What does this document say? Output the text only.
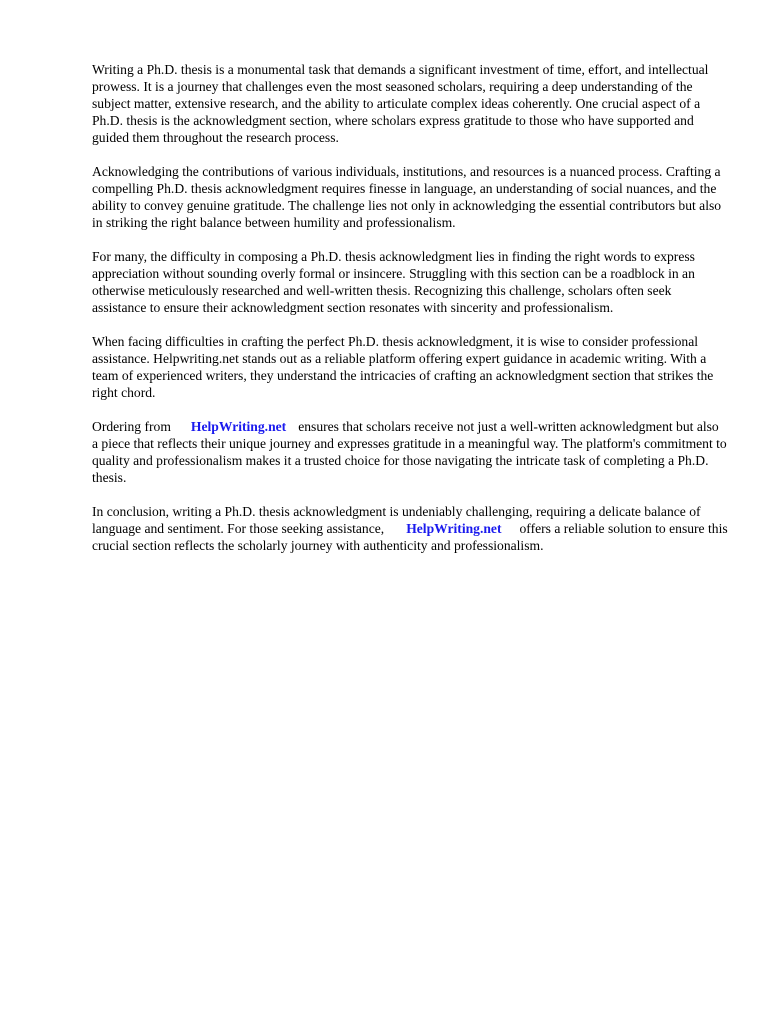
Writing a Ph.D. thesis is a monumental task that demands a significant investment of time, effort, and intellectual prowess. It is a journey that challenges even the most seasoned scholars, requiring a deep understanding of the subject matter, extensive research, and the ability to articulate complex ideas coherently. One crucial aspect of a Ph.D. thesis is the acknowledgment section, where scholars express gratitude to those who have supported and guided them throughout the research process.

Acknowledging the contributions of various individuals, institutions, and resources is a nuanced process. Crafting a compelling Ph.D. thesis acknowledgment requires finesse in language, an understanding of social nuances, and the ability to convey genuine gratitude. The challenge lies not only in acknowledging the essential contributors but also in striking the right balance between humility and professionalism.

For many, the difficulty in composing a Ph.D. thesis acknowledgment lies in finding the right words to express appreciation without sounding overly formal or insincere. Struggling with this section can be a roadblock in an otherwise meticulously researched and well-written thesis. Recognizing this challenge, scholars often seek assistance to ensure their acknowledgment section resonates with sincerity and professionalism.

When facing difficulties in crafting the perfect Ph.D. thesis acknowledgment, it is wise to consider professional assistance. Helpwriting.net stands out as a reliable platform offering expert guidance in academic writing. With a team of experienced writers, they understand the intricacies of crafting an acknowledgment section that strikes the right chord.

Ordering from HelpWriting.net ensures that scholars receive not just a well-written acknowledgment but also a piece that reflects their unique journey and expresses gratitude in a meaningful way. The platform's commitment to quality and professionalism makes it a trusted choice for those navigating the intricate task of completing a Ph.D. thesis.

In conclusion, writing a Ph.D. thesis acknowledgment is undeniably challenging, requiring a delicate balance of language and sentiment. For those seeking assistance, HelpWriting.net offers a reliable solution to ensure this crucial section reflects the scholarly journey with authenticity and professionalism.
